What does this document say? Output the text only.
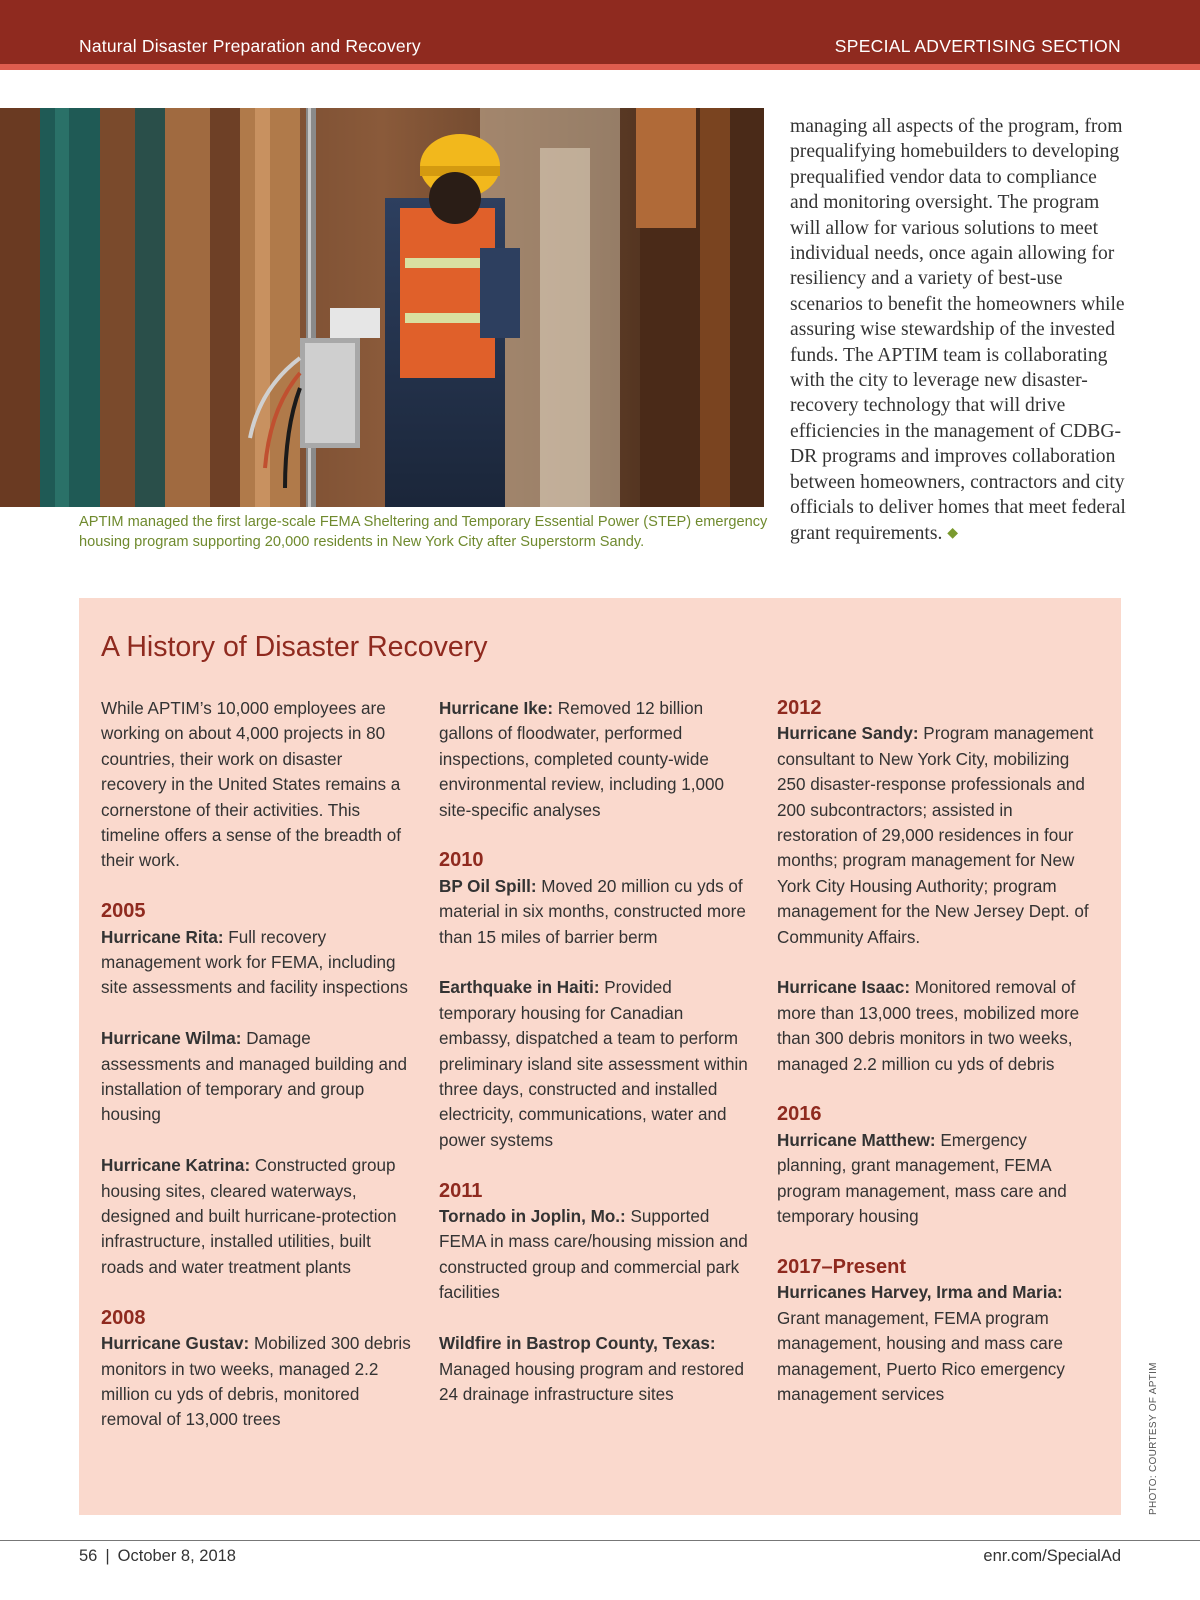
Natural Disaster Preparation and Recovery	SPECIAL ADVERTISING SECTION
APTIM managed the first large-scale FEMA Sheltering and Temporary Essential Power (STEP) emergency housing program supporting 20,000 residents in New York City after Superstorm Sandy.
managing all aspects of the program, from prequalifying homebuilders to developing prequalified vendor data to compliance and monitoring oversight. The program will allow for various solutions to meet individual needs, once again allowing for resiliency and a variety of best-use scenarios to benefit the homeowners while assuring wise stewardship of the invested funds. The APTIM team is collaborating with the city to leverage new disaster-recovery technology that will drive efficiencies in the management of CDBG-DR programs and improves collaboration between homeowners, contractors and city officials to deliver homes that meet federal grant requirements. ◆
A History of Disaster Recovery
While APTIM’s 10,000 employees are working on about 4,000 projects in 80 countries, their work on disaster recovery in the United States remains a cornerstone of their activities. This timeline offers a sense of the breadth of their work.
2005
Hurricane Rita: Full recovery management work for FEMA, including site assessments and facility inspections
Hurricane Wilma: Damage assessments and managed building and installation of temporary and group housing
Hurricane Katrina: Constructed group housing sites, cleared waterways, designed and built hurricane-protection infrastructure, installed utilities, built roads and water treatment plants
2008
Hurricane Gustav: Mobilized 300 debris monitors in two weeks, managed 2.2 million cu yds of debris, monitored removal of 13,000 trees
Hurricane Ike: Removed 12 billion gallons of floodwater, performed inspections, completed county-wide environmental review, including 1,000 site-specific analyses
2010
BP Oil Spill: Moved 20 million cu yds of material in six months, constructed more than 15 miles of barrier berm
Earthquake in Haiti: Provided temporary housing for Canadian embassy, dispatched a team to perform preliminary island site assessment within three days, constructed and installed electricity, communications, water and power systems
2011
Tornado in Joplin, Mo.: Supported FEMA in mass care/housing mission and constructed group and commercial park facilities
Wildfire in Bastrop County, Texas: Managed housing program and restored 24 drainage infrastructure sites
2012
Hurricane Sandy: Program management consultant to New York City, mobilizing 250 disaster-response professionals and 200 subcontractors; assisted in restoration of 29,000 residences in four months; program management for New York City Housing Authority; program management for the New Jersey Dept. of Community Affairs.
Hurricane Isaac: Monitored removal of more than 13,000 trees, mobilized more than 300 debris monitors in two weeks, managed 2.2 million cu yds of debris
2016
Hurricane Matthew: Emergency planning, grant management, FEMA program management, mass care and temporary housing
2017–Present
Hurricanes Harvey, Irma and Maria: Grant management, FEMA program management, housing and mass care management, Puerto Rico emergency management services	PHOTO: COURTESY OF APTIM
56 | October 8, 2018	enr.com/SpecialAd
